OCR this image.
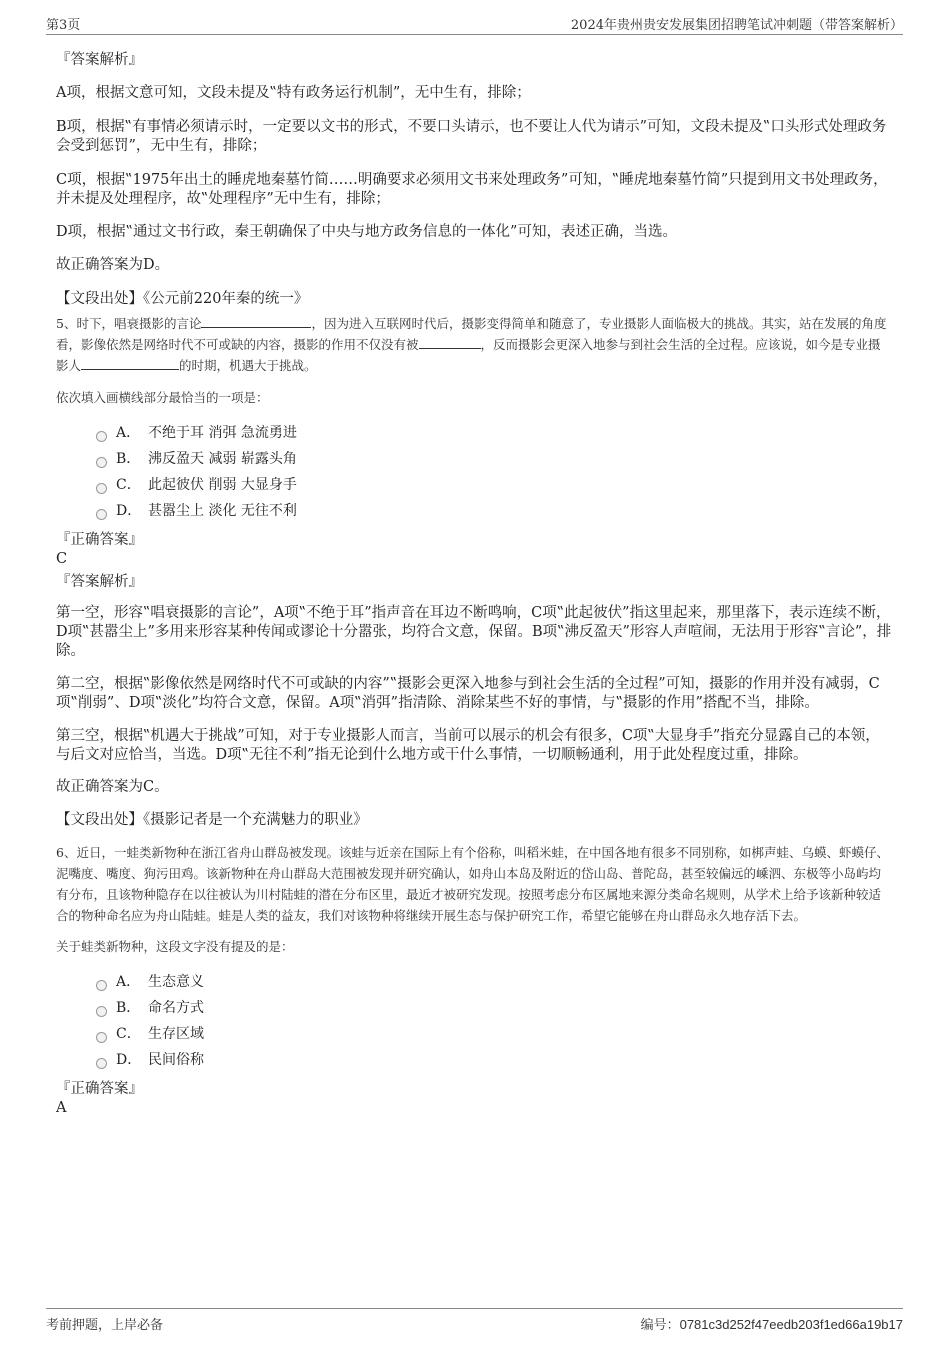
第3页	2024年贵州贵安发展集团招聘笔试冲刺题（带答案解析）
『答案解析』
A项，根据文意可知，文段未提及‟特有政务运行机制”，无中生有，排除；
B项，根据‟有事情必须请示时，一定要以文书的形式，不要口头请示，也不要让人代为请示”可知，文段未提及‟口头形式处理政务会受到惩罚”，无中生有，排除；
C项，根据‟1975年出土的睡虎地秦墓竹简……明确要求必须用文书来处理政务”可知，‟睡虎地秦墓竹简”只提到用文书处理政务，并未提及处理程序，故‟处理程序”无中生有，排除；
D项，根据‟通过文书行政，秦王朝确保了中央与地方政务信息的一体化”可知，表述正确，当选。
故正确答案为D。
【文段出处】《公元前220年秦的统一》
5、时下，唱衰摄影的言论	，因为进入互联网时代后，摄影变得简单和随意了，专业摄影人面临极大的挑战。其实，站在发展的角度看，影像依然是网络时代不可或缺的内容，摄影的作用不仅没有被	，反而摄影会更深入地参与到社会生活的全过程。应该说，如今是专业摄影人	的时期，机遇大于挑战。
依次填入画横线部分最恰当的一项是：
A． 不绝于耳 消弭 急流勇进
B． 沸反盈天 减弱 崭露头角
C． 此起彼伏 削弱 大显身手
D． 甚嚣尘上 淡化 无往不利
『正确答案』
C
『答案解析』
第一空，形容‟唱衰摄影的言论”，A项‟不绝于耳”指声音在耳边不断鸣响，C项‟此起彼伏”指这里起来，那里落下，表示连续不断，D项‟甚嚣尘上”多用来形容某种传闻或谬论十分嚣张，均符合文意，保留。B项‟沸反盈天”形容人声喧闹，无法用于形容‟言论”，排除。
第二空，根据‟影像依然是网络时代不可或缺的内容”‟摄影会更深入地参与到社会生活的全过程”可知，摄影的作用并没有减弱，C项‟削弱”、D项‟淡化”均符合文意，保留。A项‟消弭”指清除、消除某些不好的事情，与‟摄影的作用”搭配不当，排除。
第三空，根据‟机遇大于挑战”可知，对于专业摄影人而言，当前可以展示的机会有很多，C项‟大显身手”指充分显露自己的本领，与后文对应恰当，当选。D项‟无往不利”指无论到什么地方或干什么事情，一切顺畅通利，用于此处程度过重，排除。
故正确答案为C。
【文段出处】《摄影记者是一个充满魅力的职业》
6、近日，一蛙类新物种在浙江省舟山群岛被发现。该蛙与近亲在国际上有个俗称，叫稻米蛙，在中国各地有很多不同别称，如梆声蛙、乌蟆、虾蟆仔、泥嘴度、嘴度、狗污田鸡。该新物种在舟山群岛大范围被发现并研究确认，如舟山本岛及附近的岱山岛、普陀岛，甚至较偏远的嵊泗、东极等小岛屿均有分布，且该物种隐存在以往被认为川村陆蛙的潜在分布区里，最近才被研究发现。按照考虑分布区属地来源分类命名规则，从学术上给予该新种较适合的物种命名应为舟山陆蛙。蛙是人类的益友，我们对该物种将继续开展生态与保护研究工作，希望它能够在舟山群岛永久地存活下去。
关于蛙类新物种，这段文字没有提及的是：
A． 生态意义
B． 命名方式
C． 生存区域
D． 民间俗称
『正确答案』
A
考前押题，上岸必备	编号：0781c3d252f47eedb203f1ed66a19b17
